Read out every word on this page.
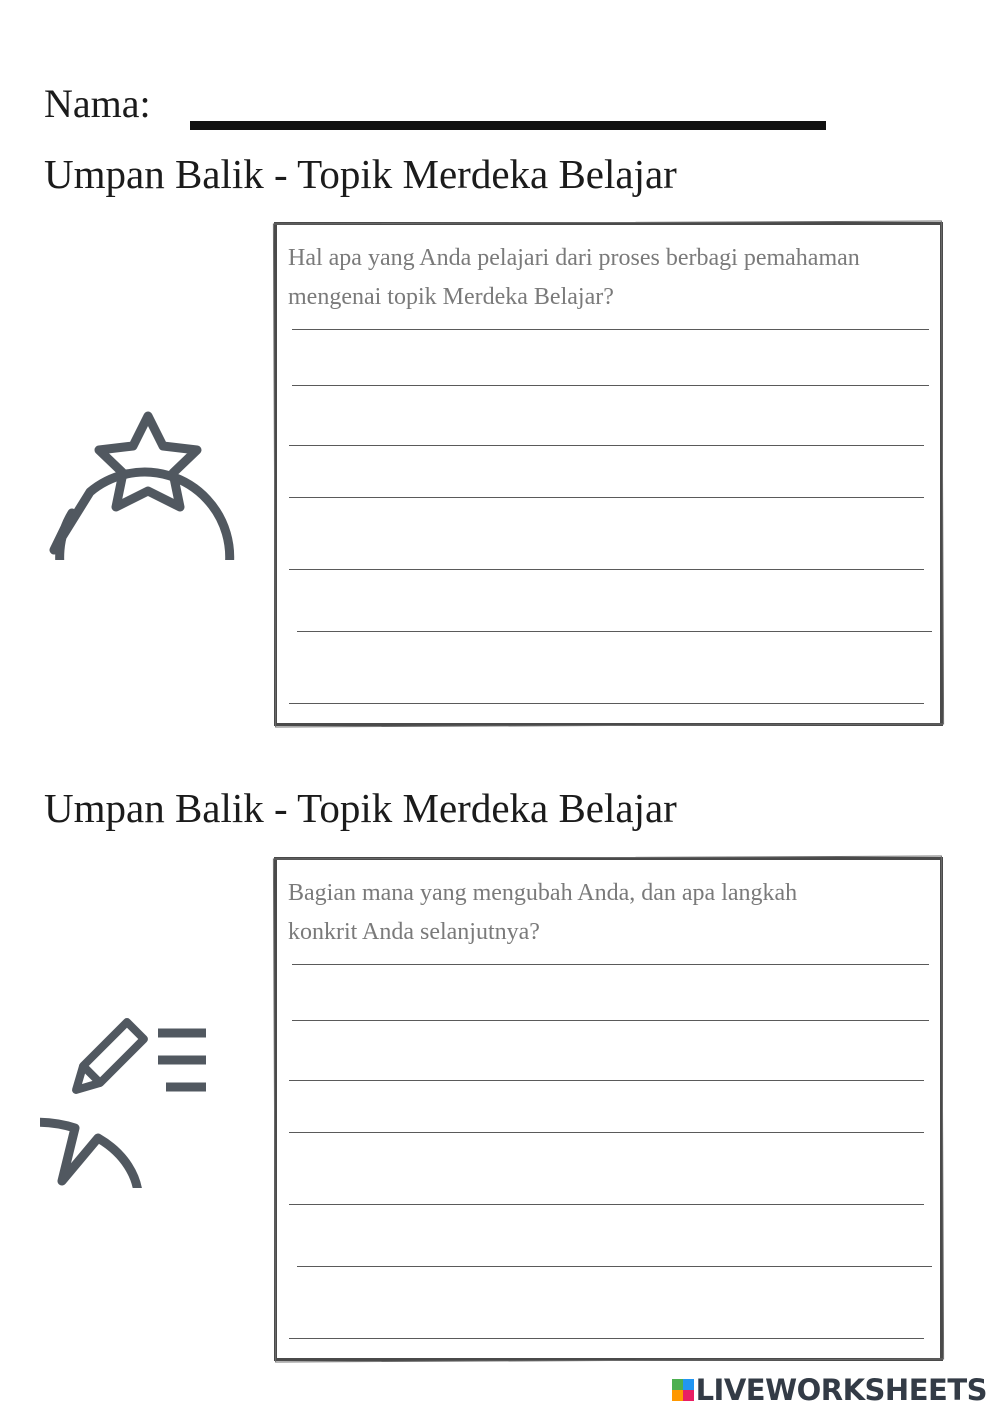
Nama:
Umpan Balik - Topik Merdeka Belajar
Hal apa yang Anda pelajari dari proses berbagi pemahaman
mengenai topik Merdeka Belajar?
Umpan Balik - Topik Merdeka Belajar
Bagian mana yang mengubah Anda, dan apa langkah
konkrit Anda selanjutnya?
LIVEWORKSHEETS
